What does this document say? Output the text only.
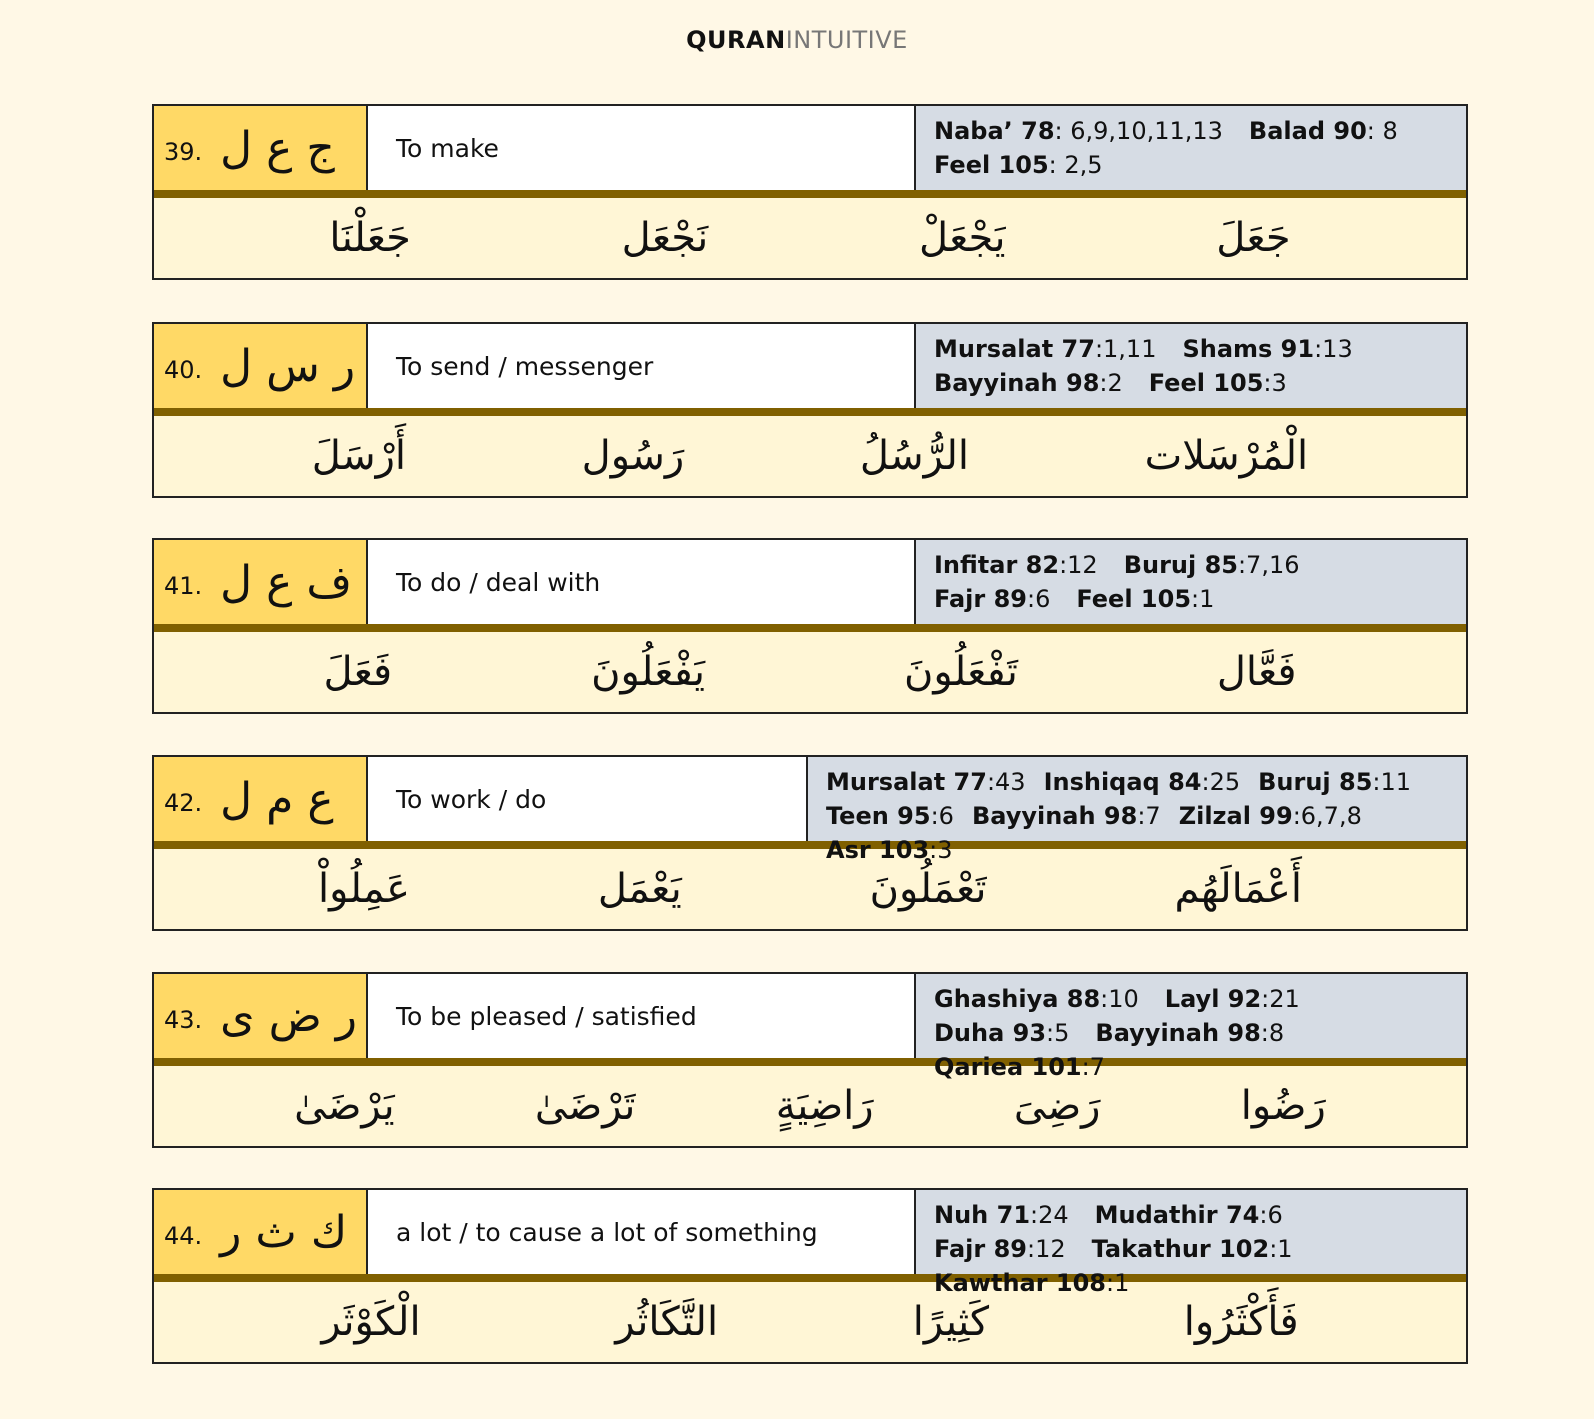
QURANINTUITIVE
39. ج ع ل	To make
Naba’ 78: 6,9,10,11,13 Balad 90: 8Feel 105: 2,5
جَعَلَ
يَجْعَلْ
نَجْعَل
جَعَلْنَا
40. ر س ل	To send / messenger
Mursalat 77:1,11 Shams 91:13Bayyinah 98:2 Feel 105:3
الْمُرْسَلات
الرُّسُلُ
رَسُول
أَرْسَلَ
41. ف ع ل	To do / deal with
Infitar 82:12 Buruj 85:7,16Fajr 89:6 Feel 105:1
فَعَّال
تَفْعَلُونَ
يَفْعَلُونَ
فَعَلَ
42. ع م ل	To work / do
Mursalat 77:43 Inshiqaq 84:25 Buruj 85:11Teen 95:6 Bayyinah 98:7 Zilzal 99:6,7,8Asr 103:3
أَعْمَالَهُم
تَعْمَلُونَ
يَعْمَل
عَمِلُواْ
43. ر ض ى	To be pleased / satisfied
Ghashiya 88:10 Layl 92:21Duha 93:5 Bayyinah 98:8Qariea 101:7
رَضُوا
رَضِىَ
رَاضِيَةٍ
تَرْضَىٰ
يَرْضَىٰ
44. ك ث ر	a lot / to cause a lot of something
Nuh 71:24 Mudathir 74:6Fajr 89:12 Takathur 102:1Kawthar 108:1
فَأَكْثَرُوا
كَثِيرًا
التَّكَاثُر
الْكَوْثَر
